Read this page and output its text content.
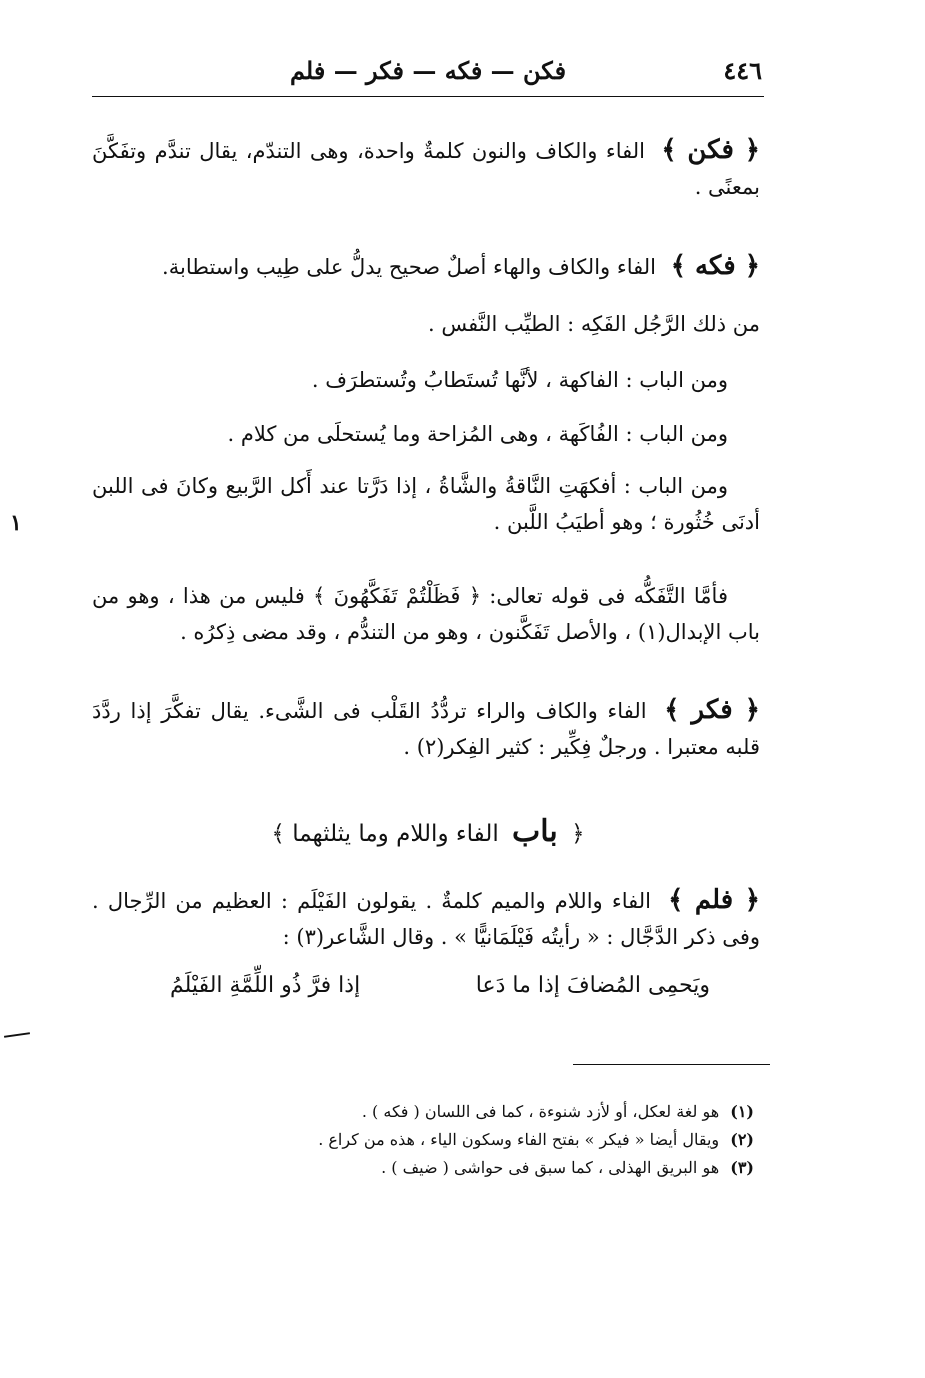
٤٤٦
فكن — فكه — فكر — فلم
﴿ فكن ﴾ الفاء والكاف والنون كلمةٌ واحدة، وهى التندّم، يقال تندَّم وتفَكَّنَ بمعنًى .
﴿ فكه ﴾ الفاء والكاف والهاء أصلٌ صحيح يدلُّ على طِيب واستطابة.
من ذلك الرَّجُل الفَكِه : الطيِّب النَّفس .
ومن الباب : الفاكهة ، لأنَّها تُستَطابُ وتُستطرَف .
ومن الباب : الفُاكَهة ، وهى المُزاحة وما يُستحلَى من كلام .
ومن الباب : أفكهَتِ النَّاقةُ والشَّاةُ ، إذا دَرَّتا عند أَكل الرَّبيع وكانَ فى اللبن أدنَى خُثُورة ؛ وهو أطيَبُ اللَّبن .
فأمَّا التَّفَكُّه فى قوله تعالى: ﴿ فَظَلْتُمْ تَفَكَّهُونَ ﴾ فليس من هذا ، وهو من باب الإبدال(١) ، والأصل تَفَكَّنون ، وهو من التندُّم ، وقد مضى ذِكرُه .
﴿ فكر ﴾ الفاء والكاف والراء تردُّدُ القَلْب فى الشَّىء. يقال تفكَّرَ إذا ردَّدَ قلبه معتبرا . ورجلٌ فِكِّير : كثير الفِكر(٢) .
﴿ باب الفاء واللام وما يثلثهما ﴾
﴿ فلم ﴾ الفاء واللام والميم كلمةٌ . يقولون الفَيْلَم : العظيم من الرِّجال . وفى ذكر الدَّجَّال : « رأيتُه فَيْلَمَانيًّا » . وقال الشَّاعر(٣) :
ويَحمِى المُضافَ إذا ما دَعا
إذا فرَّ ذُو اللِّمَّةِ الفَيْلَمُ
(١) هو لغة لعكل، أو لأزد شنوءة ، كما فى اللسان ( فكه ) .
(٢) ويقال أيضا « فيكر » بفتح الفاء وسكون الياء ، هذه من كراع .
(٣) هو البريق الهذلى ، كما سبق فى حواشى ( ضيف ) .
١
